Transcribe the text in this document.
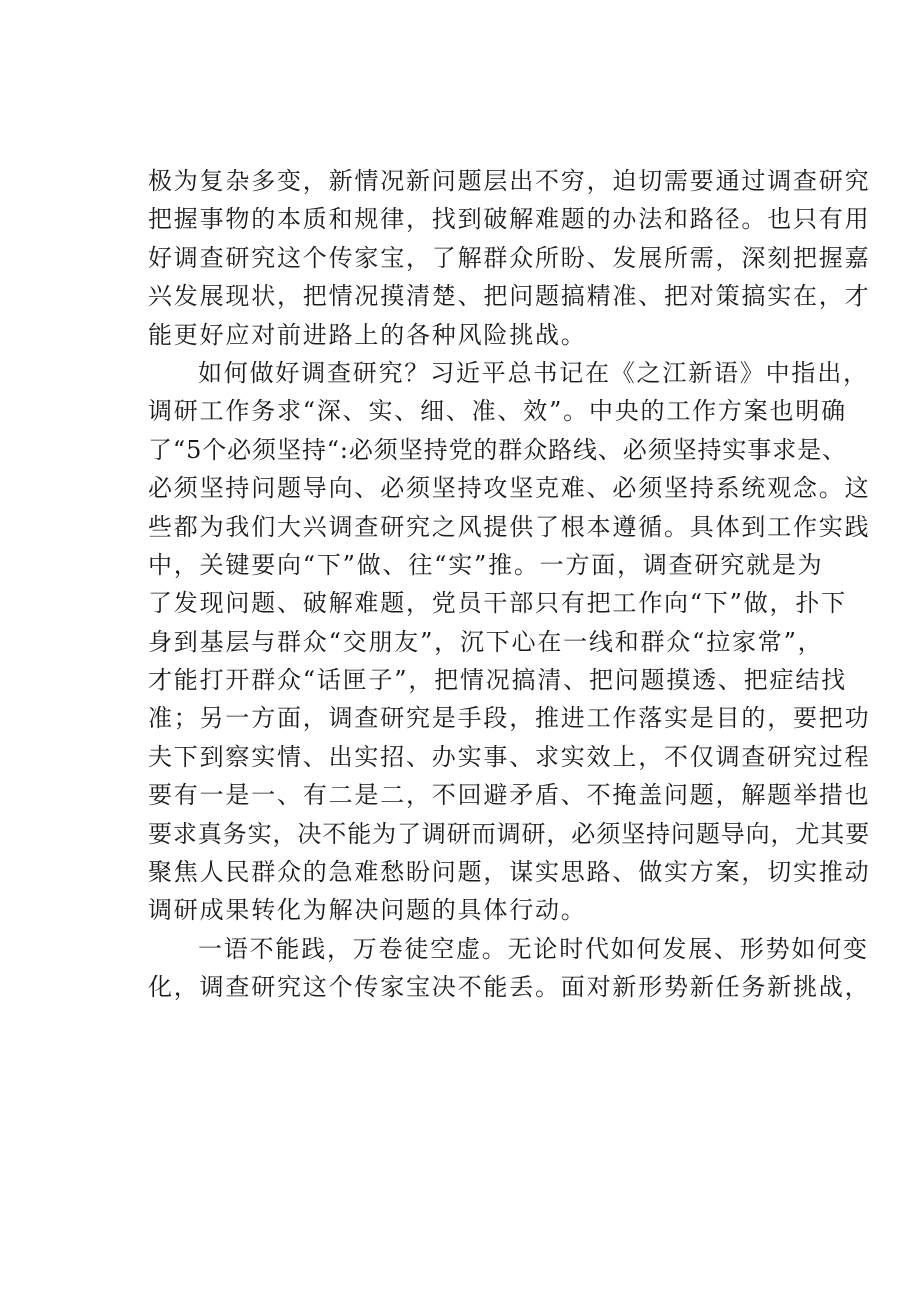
极为复杂多变，新情况新问题层出不穷，迫切需要通过调查研究
把握事物的本质和规律，找到破解难题的办法和路径。也只有用
好调查研究这个传家宝，了解群众所盼、发展所需，深刻把握嘉
兴发展现状，把情况摸清楚、把问题搞精准、把对策搞实在，才
能更好应对前进路上的各种风险挑战。
如何做好调查研究？习近平总书记在《之江新语》中指出，
调研工作务求“深、实、细、准、效”。中央的工作方案也明确
了“5个必须坚持“:必须坚持党的群众路线、必须坚持实事求是、
必须坚持问题导向、必须坚持攻坚克难、必须坚持系统观念。这
些都为我们大兴调查研究之风提供了根本遵循。具体到工作实践
中，关键要向“下”做、往“实”推。一方面，调查研究就是为
了发现问题、破解难题，党员干部只有把工作向“下”做，扑下
身到基层与群众“交朋友”，沉下心在一线和群众“拉家常”，
才能打开群众“话匣子”，把情况搞清、把问题摸透、把症结找
准；另一方面，调查研究是手段，推进工作落实是目的，要把功
夫下到察实情、出实招、办实事、求实效上，不仅调查研究过程
要有一是一、有二是二，不回避矛盾、不掩盖问题，解题举措也
要求真务实，决不能为了调研而调研，必须坚持问题导向，尤其要
聚焦人民群众的急难愁盼问题，谋实思路、做实方案，切实推动
调研成果转化为解决问题的具体行动。
一语不能践，万卷徒空虚。无论时代如何发展、形势如何变
化，调查研究这个传家宝决不能丢。面对新形势新任务新挑战，
